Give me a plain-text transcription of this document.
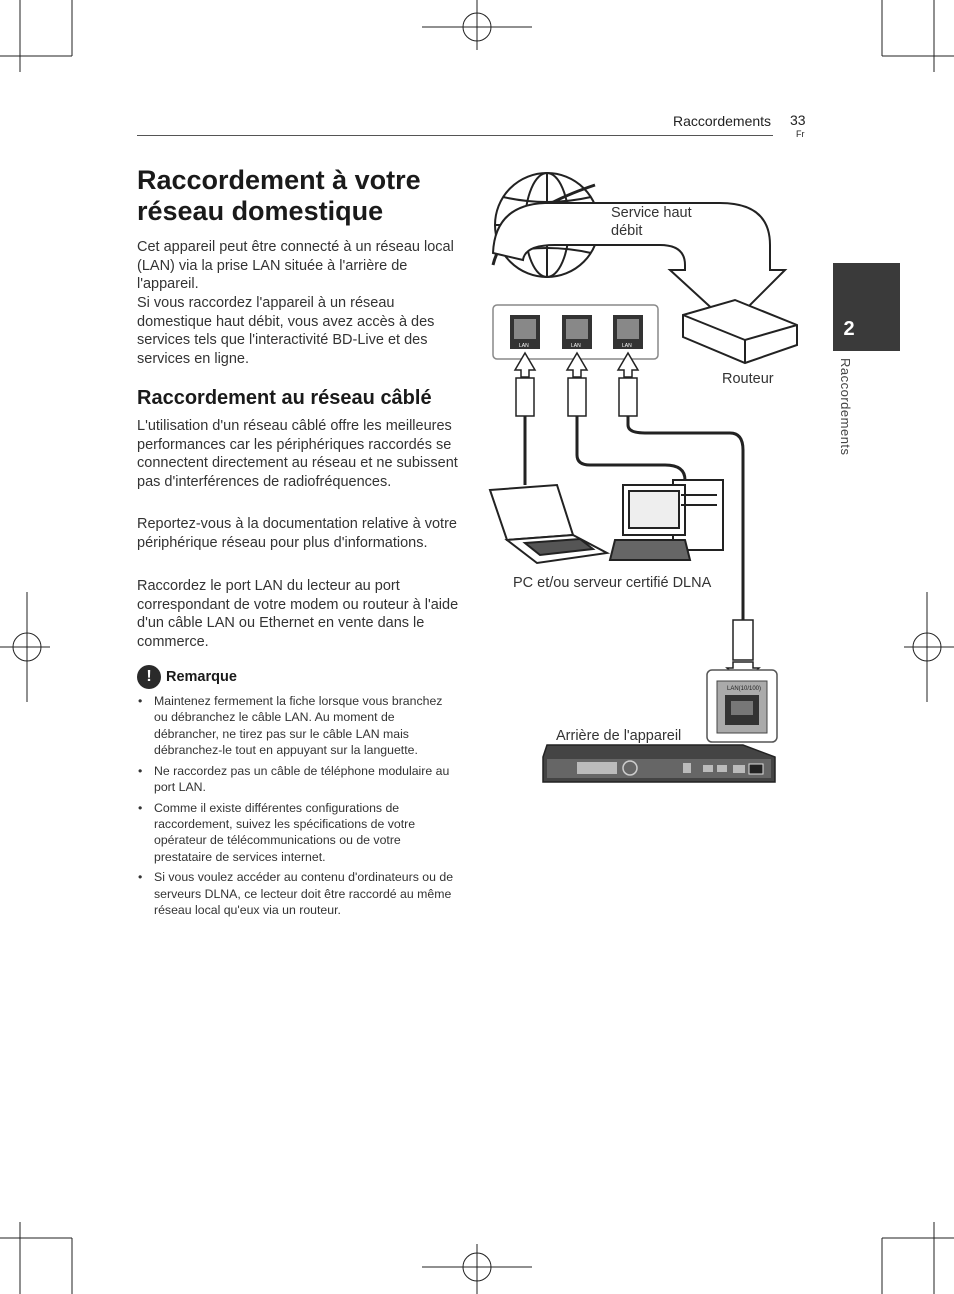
Raccordements 33
Fr
2
Raccordements
Raccordement à votre réseau domestique

Cet appareil peut être connecté à un réseau local (LAN) via la prise LAN située à l'arrière de l'appareil.

Si vous raccordez l'appareil à un réseau domestique haut débit, vous avez accès à des services tels que l'interactivité BD-Live et des services en ligne.

Raccordement au réseau câblé

L'utilisation d'un réseau câblé offre les meilleures performances car les périphériques raccordés se connectent directement au réseau et ne subissent pas d'interférences de radiofréquences.

Reportez-vous à la documentation relative à votre périphérique réseau pour plus d'informations.

Raccordez le port LAN du lecteur au port correspondant de votre modem ou routeur à l'aide d'un câble LAN ou Ethernet en vente dans le commerce.

! Remarque
• Maintenez fermement la fiche lorsque vous branchez ou débranchez le câble LAN. Au moment de débrancher, ne tirez pas sur le câble LAN mais débranchez-le tout en appuyant sur la languette.
• Ne raccordez pas un câble de téléphone modulaire au port LAN.
• Comme il existe différentes configurations de raccordement, suivez les spécifications de votre opérateur de télécommunications ou de votre prestataire de services internet.
• Si vous voulez accéder au contenu d'ordinateurs ou de serveurs DLNA, ce lecteur doit être raccordé au même réseau local qu'eux via un routeur.
Service haut
débit
Routeur
LAN	LAN	LAN
PC et/ou serveur certifié DLNA
LAN(10/100)
Arrière de l'appareil
